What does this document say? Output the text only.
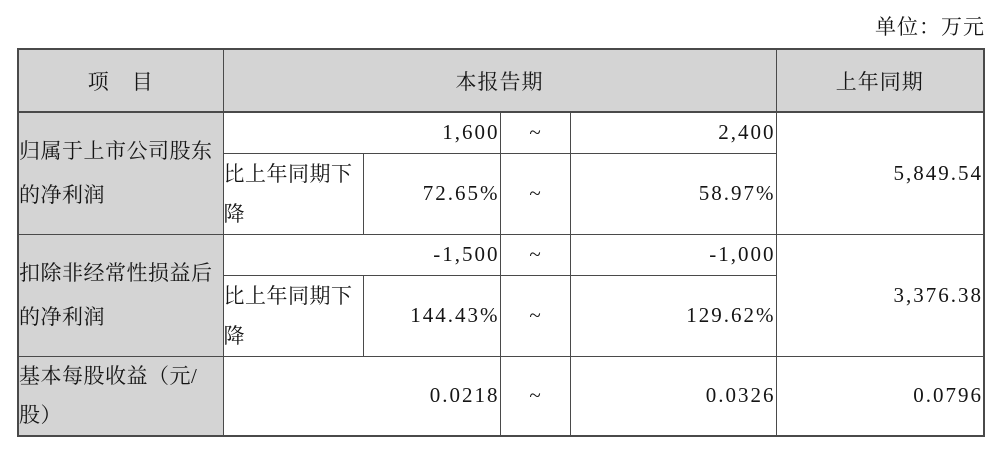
单位：万元
项　目	本报告期				上年同期
归属于上市公司股东的净利润	1,600		~	2,400	5,849.54
	比上年同期下降	72.65%	~	58.97%	
扣除非经常性损益后的净利润	-1,500		~	-1,000	3,376.38
	比上年同期下降	144.43%	~	129.62%	
基本每股收益（元/股）	0.0218		~	0.0326	0.0796
